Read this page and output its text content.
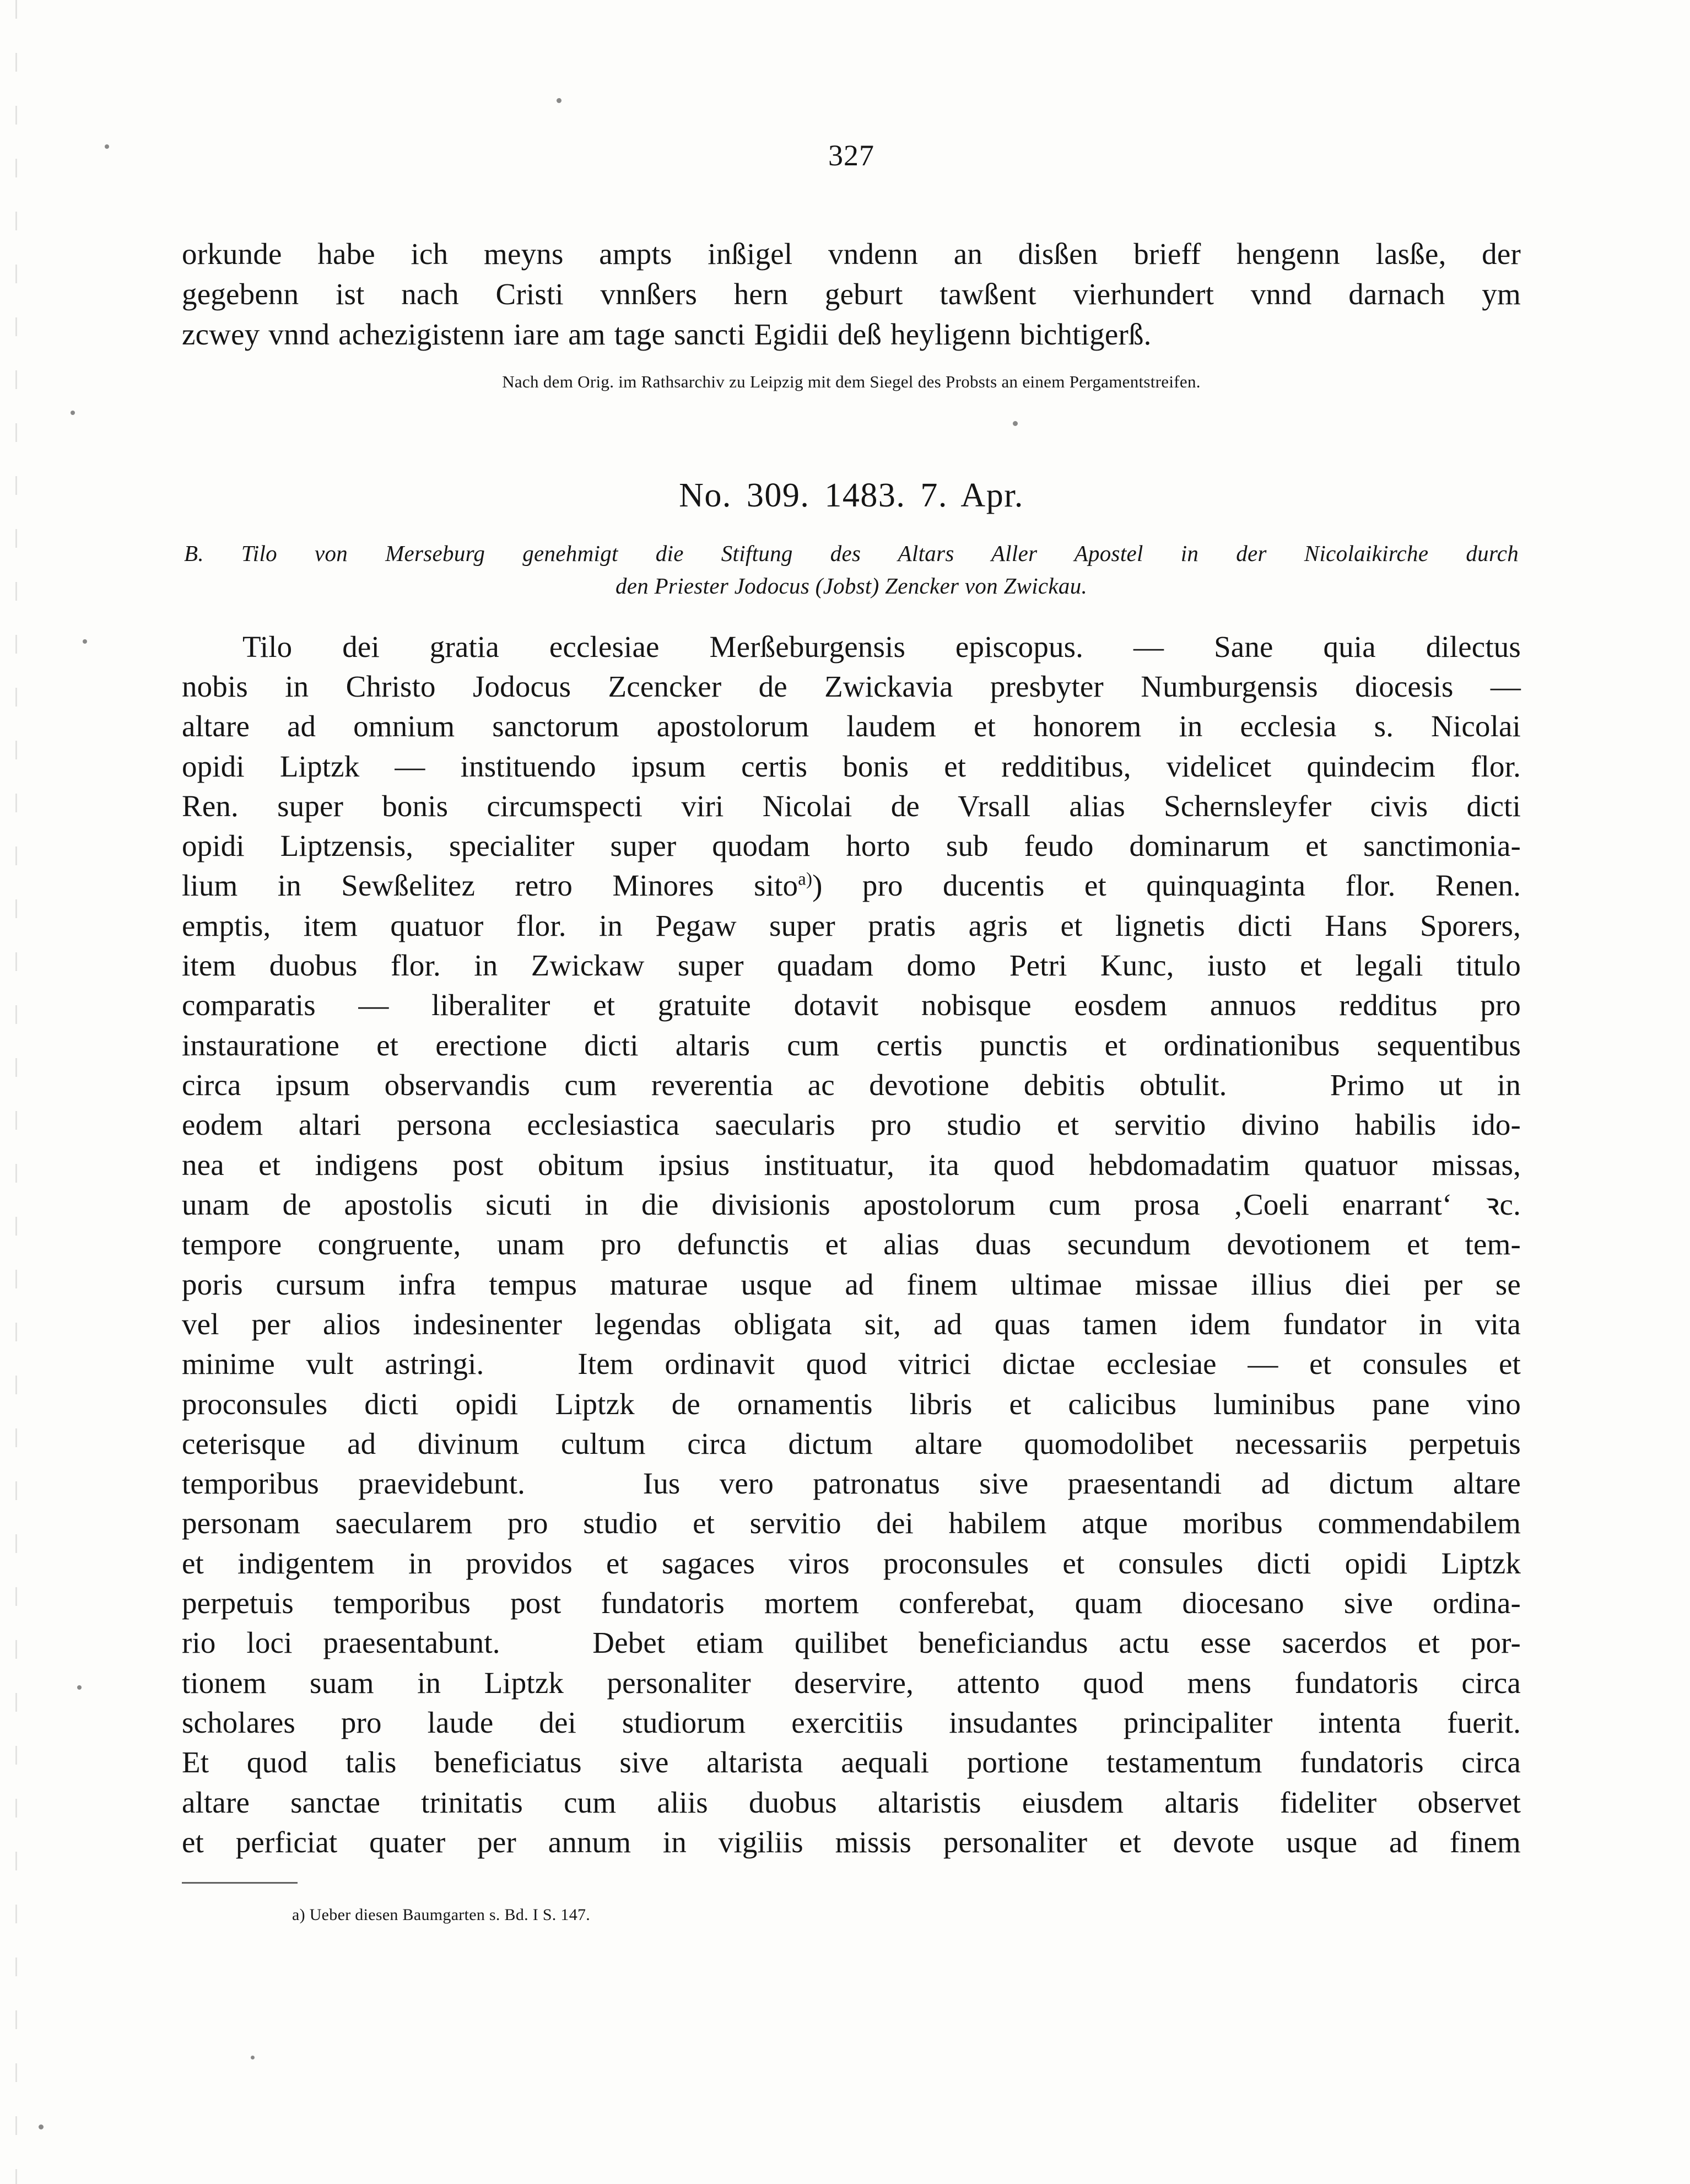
327
orkunde habe ich meyns ampts inßigel vndenn an disßen brieff hengenn lasße, der
gegebenn ist nach Cristi vnnßers hern geburt tawßent vierhundert vnnd darnach ym
zcwey vnnd achezigistenn iare am tage sancti Egidii deß heyligenn bichtigerß.
Nach dem Orig. im Rathsarchiv zu Leipzig mit dem Siegel des Probsts an einem Pergamentstreifen.
No. 309. 1483. 7. Apr.
B. Tilo von Merseburg genehmigt die Stiftung des Altars Aller Apostel in der Nicolaikirche durch
den Priester Jodocus (Jobst) Zencker von Zwickau.
Tilo dei gratia ecclesiae Merßeburgensis episcopus. — Sane quia dilectus
nobis in Christo Jodocus Zcencker de Zwickavia presbyter Numburgensis diocesis —
altare ad omnium sanctorum apostolorum laudem et honorem in ecclesia s. Nicolai
opidi Liptzk — instituendo ipsum certis bonis et redditibus, videlicet quindecim flor.
Ren. super bonis circumspecti viri Nicolai de Vrsall alias Schernsleyfer civis dicti
opidi Liptzensis, specialiter super quodam horto sub feudo dominarum et sanctimonia-
lium in Sewßelitez retro Minores sito$^{a)}$) pro ducentis et quinquaginta flor. Renen.
emptis, item quatuor flor. in Pegaw super pratis agris et lignetis dicti Hans Sporers,
item duobus flor. in Zwickaw super quadam domo Petri Kunc, iusto et legali titulo
comparatis — liberaliter et gratuite dotavit nobisque eosdem annuos redditus pro
instauratione et erectione dicti altaris cum certis punctis et ordinationibus sequentibus
circa ipsum observandis cum reverentia ac devotione debitis obtulit.   Primo ut in
eodem altari persona ecclesiastica saecularis pro studio et servitio divino habilis ido-
nea et indigens post obitum ipsius instituatur, ita quod hebdomadatim quatuor missas,
unam de apostolis sicuti in die divisionis apostolorum cum prosa ‚Coeli enarrant‘ ꝛc.
tempore congruente, unam pro defunctis et alias duas secundum devotionem et tem-
poris cursum infra tempus maturae usque ad finem ultimae missae illius diei per se
vel per alios indesinenter legendas obligata sit, ad quas tamen idem fundator in vita
minime vult astringi.   Item ordinavit quod vitrici dictae ecclesiae — et consules et
proconsules dicti opidi Liptzk de ornamentis libris et calicibus luminibus pane vino
ceterisque ad divinum cultum circa dictum altare quomodolibet necessariis perpetuis
temporibus praevidebunt.   Ius vero patronatus sive praesentandi ad dictum altare
personam saecularem pro studio et servitio dei habilem atque moribus commendabilem
et indigentem in providos et sagaces viros proconsules et consules dicti opidi Liptzk
perpetuis temporibus post fundatoris mortem conferebat, quam diocesano sive ordina-
rio loci praesentabunt.   Debet etiam quilibet beneficiandus actu esse sacerdos et por-
tionem suam in Liptzk personaliter deservire, attento quod mens fundatoris circa
scholares pro laude dei studiorum exercitiis insudantes principaliter intenta fuerit.
Et quod talis beneficiatus sive altarista aequali portione testamentum fundatoris circa
altare sanctae trinitatis cum aliis duobus altaristis eiusdem altaris fideliter observet
et perficiat quater per annum in vigiliis missis personaliter et devote usque ad finem
a) Ueber diesen Baumgarten s. Bd. I S. 147.
